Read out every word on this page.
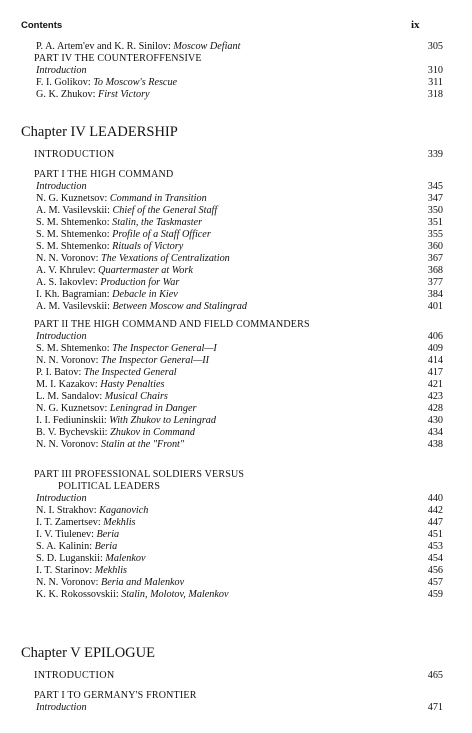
Contents	ix
P. A. Artem'ev and K. R. Sinilov: Moscow Defiant	305
PART IV THE COUNTEROFFENSIVE
Introduction	310
F. I. Golikov: To Moscow's Rescue	311
G. K. Zhukov: First Victory	318
Chapter IV LEADERSHIP
INTRODUCTION	339
PART I THE HIGH COMMAND
Introduction	345
N. G. Kuznetsov: Command in Transition	347
A. M. Vasilevskii: Chief of the General Staff	350
S. M. Shtemenko: Stalin, the Taskmaster	351
S. M. Shtemenko: Profile of a Staff Officer	355
S. M. Shtemenko: Rituals of Victory	360
N. N. Voronov: The Vexations of Centralization	367
A. V. Khrulev: Quartermaster at Work	368
A. S. Iakovlev: Production for War	377
I. Kh. Bagramian: Debacle in Kiev	384
A. M. Vasilevskii: Between Moscow and Stalingrad	401
PART II THE HIGH COMMAND AND FIELD COMMANDERS
Introduction	406
S. M. Shtemenko: The Inspector General—I	409
N. N. Voronov: The Inspector General—II	414
P. I. Batov: The Inspected General	417
M. I. Kazakov: Hasty Penalties	421
L. M. Sandalov: Musical Chairs	423
N. G. Kuznetsov: Leningrad in Danger	428
I. I. Fediuninskii: With Zhukov to Leningrad	430
B. V. Bychevskii: Zhukov in Command	434
N. N. Voronov: Stalin at the "Front"	438
PART III PROFESSIONAL SOLDIERS VERSUS
POLITICAL LEADERS
Introduction	440
N. I. Strakhov: Kaganovich	442
I. T. Zamertsev: Mekhlis	447
I. V. Tiulenev: Beria	451
S. A. Kalinin: Beria	453
S. D. Luganskii: Malenkov	454
I. T. Starinov: Mekhlis	456
N. N. Voronov: Beria and Malenkov	457
K. K. Rokossovskii: Stalin, Molotov, Malenkov	459
Chapter V EPILOGUE
INTRODUCTION	465
PART I TO GERMANY'S FRONTIER
Introduction	471
